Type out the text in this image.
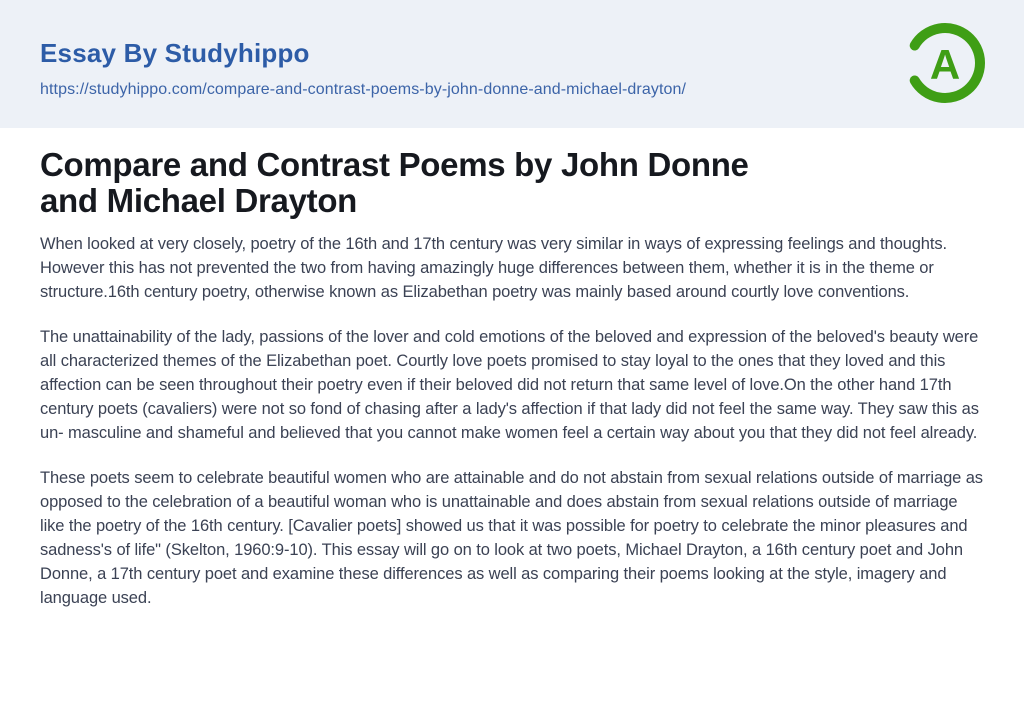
Essay By Studyhippo
https://studyhippo.com/compare-and-contrast-poems-by-john-donne-and-michael-drayton/
A
Compare and Contrast Poems by John Donne and Michael Drayton

When looked at very closely, poetry of the 16th and 17th century was very similar in ways of expressing feelings and thoughts. However this has not prevented the two from having amazingly huge differences between them, whether it is in the theme or structure.16th century poetry, otherwise known as Elizabethan poetry was mainly based around courtly love conventions.

The unattainability of the lady, passions of the lover and cold emotions of the beloved and expression of the beloved's beauty were all characterized themes of the Elizabethan poet. Courtly love poets promised to stay loyal to the ones that they loved and this affection can be seen throughout their poetry even if their beloved did not return that same level of love.On the other hand 17th century poets (cavaliers) were not so fond of chasing after a lady's affection if that lady did not feel the same way. They saw this as un- masculine and shameful and believed that you cannot make women feel a certain way about you that they did not feel already.

These poets seem to celebrate beautiful women who are attainable and do not abstain from sexual relations outside of marriage as opposed to the celebration of a beautiful woman who is unattainable and does abstain from sexual relations outside of marriage like the poetry of the 16th century. [Cavalier poets] showed us that it was possible for poetry to celebrate the minor pleasures and sadness's of life" (Skelton, 1960:9-10). This essay will go on to look at two poets, Michael Drayton, a 16th century poet and John Donne, a 17th century poet and examine these differences as well as comparing their poems looking at the style, imagery and language used.
